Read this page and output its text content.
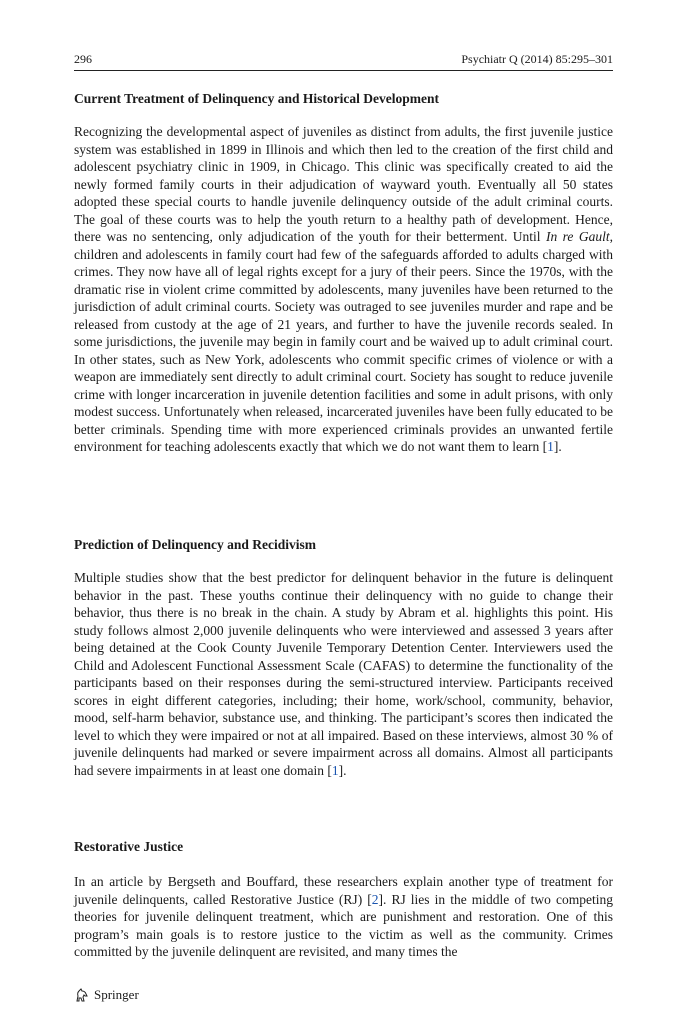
296	Psychiatr Q (2014) 85:295–301
Current Treatment of Delinquency and Historical Development
Recognizing the developmental aspect of juveniles as distinct from adults, the first juvenile justice system was established in 1899 in Illinois and which then led to the creation of the first child and adolescent psychiatry clinic in 1909, in Chicago. This clinic was specifically created to aid the newly formed family courts in their adjudication of wayward youth. Eventually all 50 states adopted these special courts to handle juvenile delinquency outside of the adult criminal courts. The goal of these courts was to help the youth return to a healthy path of development. Hence, there was no sentencing, only adjudication of the youth for their betterment. Until In re Gault, children and adolescents in family court had few of the safeguards afforded to adults charged with crimes. They now have all of legal rights except for a jury of their peers. Since the 1970s, with the dramatic rise in violent crime committed by adolescents, many juveniles have been returned to the jurisdiction of adult criminal courts. Society was outraged to see juveniles murder and rape and be released from custody at the age of 21 years, and further to have the juvenile records sealed. In some jurisdictions, the juvenile may begin in family court and be waived up to adult criminal court. In other states, such as New York, adolescents who commit specific crimes of violence or with a weapon are immediately sent directly to adult criminal court. Society has sought to reduce juvenile crime with longer incarceration in juvenile detention facilities and some in adult prisons, with only modest success. Unfortunately when released, incarcerated juveniles have been fully educated to be better criminals. Spending time with more experienced criminals provides an unwanted fertile environment for teaching adolescents exactly that which we do not want them to learn [1].
Prediction of Delinquency and Recidivism
Multiple studies show that the best predictor for delinquent behavior in the future is delinquent behavior in the past. These youths continue their delinquency with no guide to change their behavior, thus there is no break in the chain. A study by Abram et al. highlights this point. His study follows almost 2,000 juvenile delinquents who were interviewed and assessed 3 years after being detained at the Cook County Juvenile Temporary Detention Center. Interviewers used the Child and Adolescent Functional Assessment Scale (CAFAS) to determine the functionality of the participants based on their responses during the semi-structured interview. Participants received scores in eight different categories, including; their home, work/school, community, behavior, mood, self-harm behavior, substance use, and thinking. The participant’s scores then indicated the level to which they were impaired or not at all impaired. Based on these interviews, almost 30 % of juvenile delinquents had marked or severe impairment across all domains. Almost all participants had severe impairments in at least one domain [1].
Restorative Justice
In an article by Bergseth and Bouffard, these researchers explain another type of treatment for juvenile delinquents, called Restorative Justice (RJ) [2]. RJ lies in the middle of two competing theories for juvenile delinquent treatment, which are punishment and restoration. One of this program’s main goals is to restore justice to the victim as well as the community. Crimes committed by the juvenile delinquent are revisited, and many times the
Springer
